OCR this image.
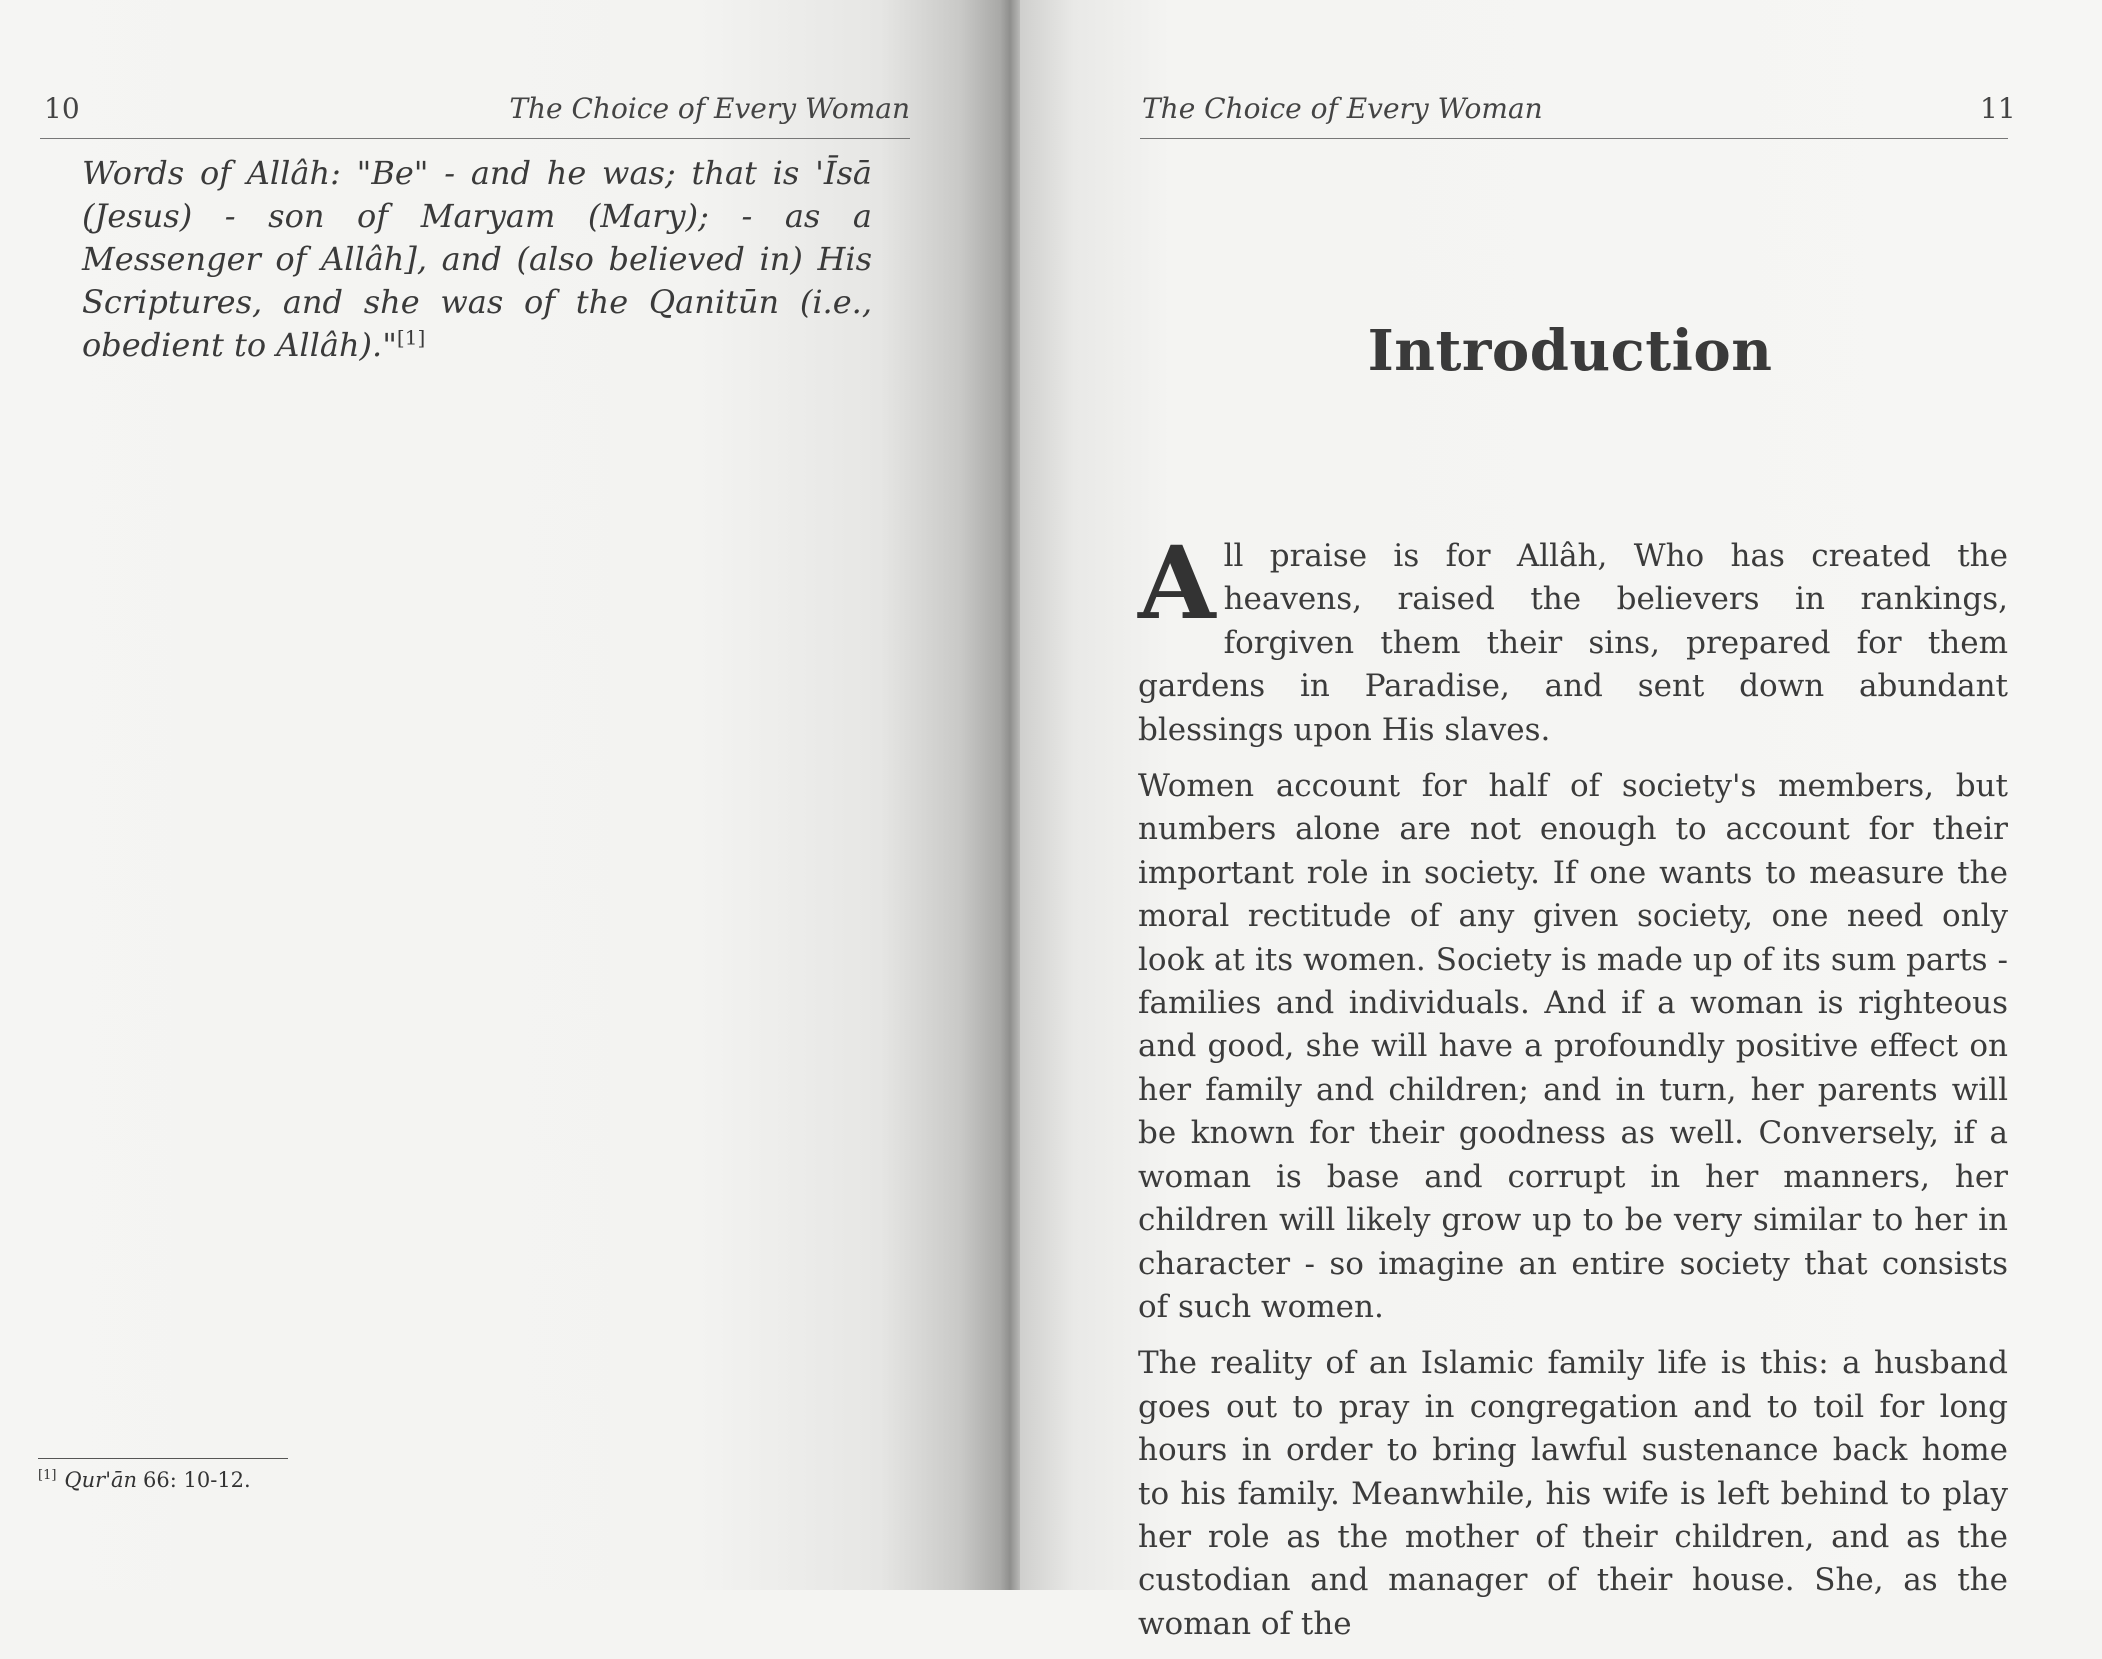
10	The Choice of Every Woman
Words of Allâh: "Be" - and he was; that is 'Īsā (Jesus) - son of Maryam (Mary); - as a Messenger of Allâh], and (also believed in) His Scriptures, and she was of the Qanitūn (i.e., obedient to Allâh)."[1]
[1] Qur'ān 66: 10-12.
The Choice of Every Woman	11
Introduction

All praise is for Allâh, Who has created the heavens, raised the believers in rankings, forgiven them their sins, prepared for them gardens in Paradise, and sent down abundant blessings upon His slaves.

Women account for half of society's members, but numbers alone are not enough to account for their important role in society. If one wants to measure the moral rectitude of any given society, one need only look at its women. Society is made up of its sum parts - families and individuals. And if a woman is righteous and good, she will have a profoundly positive effect on her family and children; and in turn, her parents will be known for their goodness as well. Conversely, if a woman is base and corrupt in her manners, her children will likely grow up to be very similar to her in character - so imagine an entire society that consists of such women.

The reality of an Islamic family life is this: a husband goes out to pray in congregation and to toil for long hours in order to bring lawful sustenance back home to his family. Meanwhile, his wife is left behind to play her role as the mother of their children, and as the custodian and manager of their house. She, as the woman of the
